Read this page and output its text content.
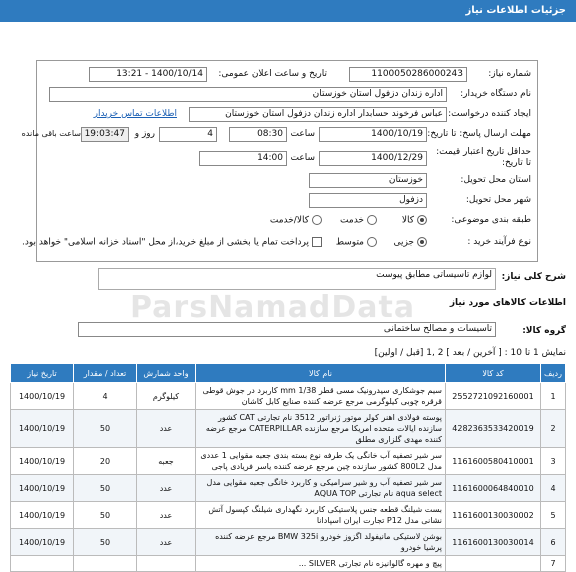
جزئیات اطلاعات نیاز
شماره نیاز:
1100050286000243
تاریخ و ساعت اعلان عمومی:
1400/10/14 - 13:21
نام دستگاه خریدار:
اداره زندان دزفول استان خوزستان
ایجاد کننده درخواست:
عباس فرخوند حسابدار اداره زندان دزفول استان خوزستان
اطلاعات تماس خریدار
مهلت ارسال پاسخ: تا تاریخ:
1400/10/19
ساعت
08:30
4
روز و
19:03:47
ساعت باقی مانده
حداقل تاریخ اعتبار قیمت: تا تاریخ:
1400/12/29
ساعت
14:00
استان محل تحویل:
خوزستان
شهر محل تحویل:
دزفول
طبقه بندی موضوعی:
کالا
خدمت
کالا/خدمت
نوع فرآیند خرید :
جزیی
متوسط
پرداخت تمام یا بخشی از مبلغ خرید،از محل "اسناد خزانه اسلامی" خواهد بود.
شرح کلی نیاز:
لوازم تاسیساتی مطابق پیوست
اطلاعات کالاهای مورد نیاز
گروه کالا:
تاسیسات و مصالح ساختمانی
ParsNamadData
نمایش 1 تا 10 : [ آخرین / بعد ] 2 ,1 [قبل / اولین]
ردیف	کد کالا	نام کالا	واحد شمارش	تعداد / مقدار	تاریخ نیاز
1	2552721092160001	سیم جوشکاری سیدرونیک مسی قطر mm 1/38 کاربرد در جوش قوطی قرقره چوبی کیلوگرمی مرجع عرضه کننده صنایع کابل کاشان	کیلوگرم	4	1400/10/19
2	4282363533420019	پوسته فولادی اهنر کولر موتور ژنراتور 3512 نام تجارتی CAT کشور سازنده ایالات متحده امریکا مرجع سازنده CATERPILLAR مرجع عرضه کننده مهدی گلزاری مطلق	عدد	50	1400/10/19
3	1161600580410001	سر شیر تصفیه آب خانگی یک طرفه نوع بسته بندی جعبه مقوایی 1 عددی مدل 800L2 کشور سازنده چین مرجع عرضه کننده یاسر فریادی پاجی	جعبه	20	1400/10/19
4	1161600064840010	سر شیر تصفیه آب رو شیر سرامیکی و کاربرد خانگی جعبه مقوایی مدل aqua select نام تجارتی AQUA TOP	عدد	50	1400/10/19
5	1161600130030002	بست شیلنگ قطعه جنس پلاستیکی کاربرد نگهداری شیلنگ کپسول آتش نشانی مدل P12 تجارت ایران اسپادانا	عدد	50	1400/10/19
6	1161600130030014	بوشن لاستیکی مانیفولد اگزوز خودرو BMW 325i مرجع عرضه کننده پرشیا خودرو	عدد	50	1400/10/19
7		پیچ و مهره گالوانیزه نام تجارتی SILVER ...			
